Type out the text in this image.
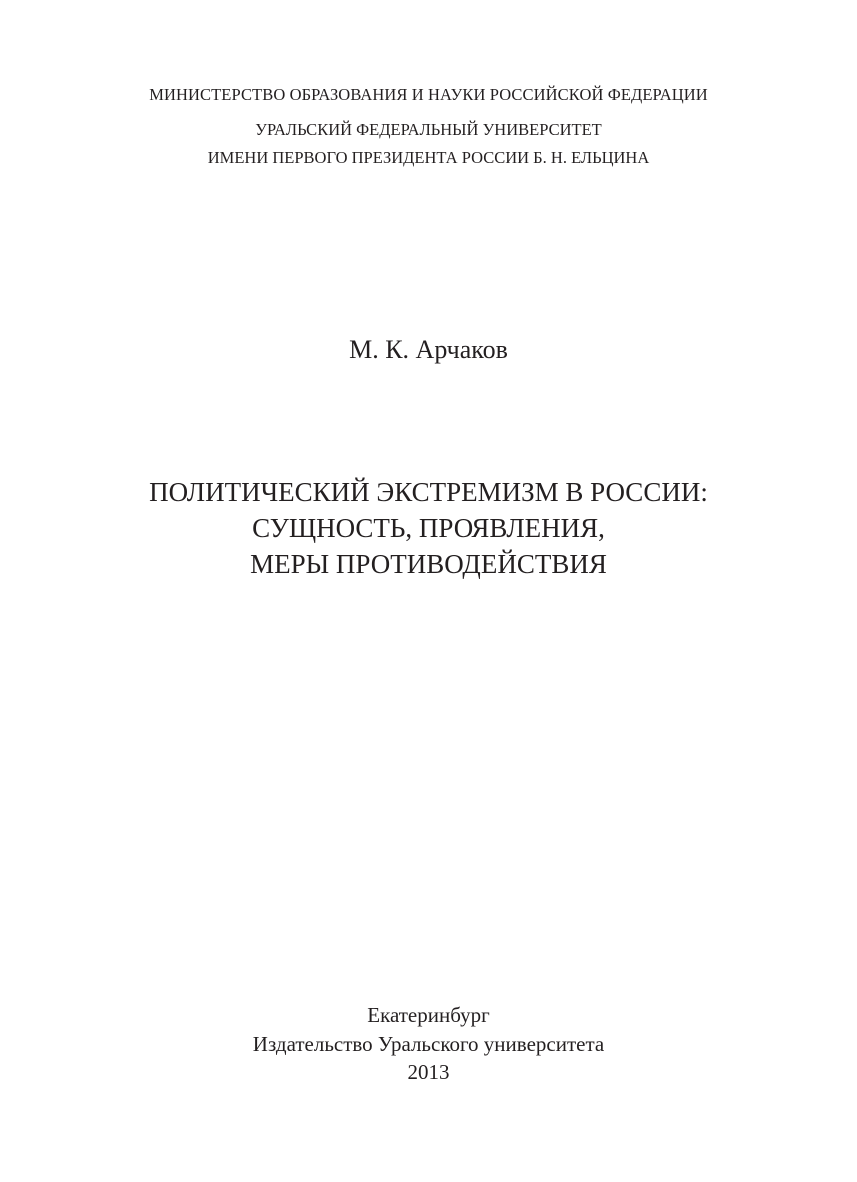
МИНИСТЕРСТВО ОБРАЗОВАНИЯ И НАУКИ РОССИЙСКОЙ ФЕДЕРАЦИИ
УРАЛЬСКИЙ ФЕДЕРАЛЬНЫЙ УНИВЕРСИТЕТ
ИМЕНИ ПЕРВОГО ПРЕЗИДЕНТА РОССИИ Б. Н. ЕЛЬЦИНА
М. К. Арчаков
ПОЛИТИЧЕСКИЙ ЭКСТРЕМИЗМ В РОССИИ:
СУЩНОСТЬ, ПРОЯВЛЕНИЯ,
МЕРЫ ПРОТИВОДЕЙСТВИЯ
Екатеринбург
Издательство Уральского университета
2013
